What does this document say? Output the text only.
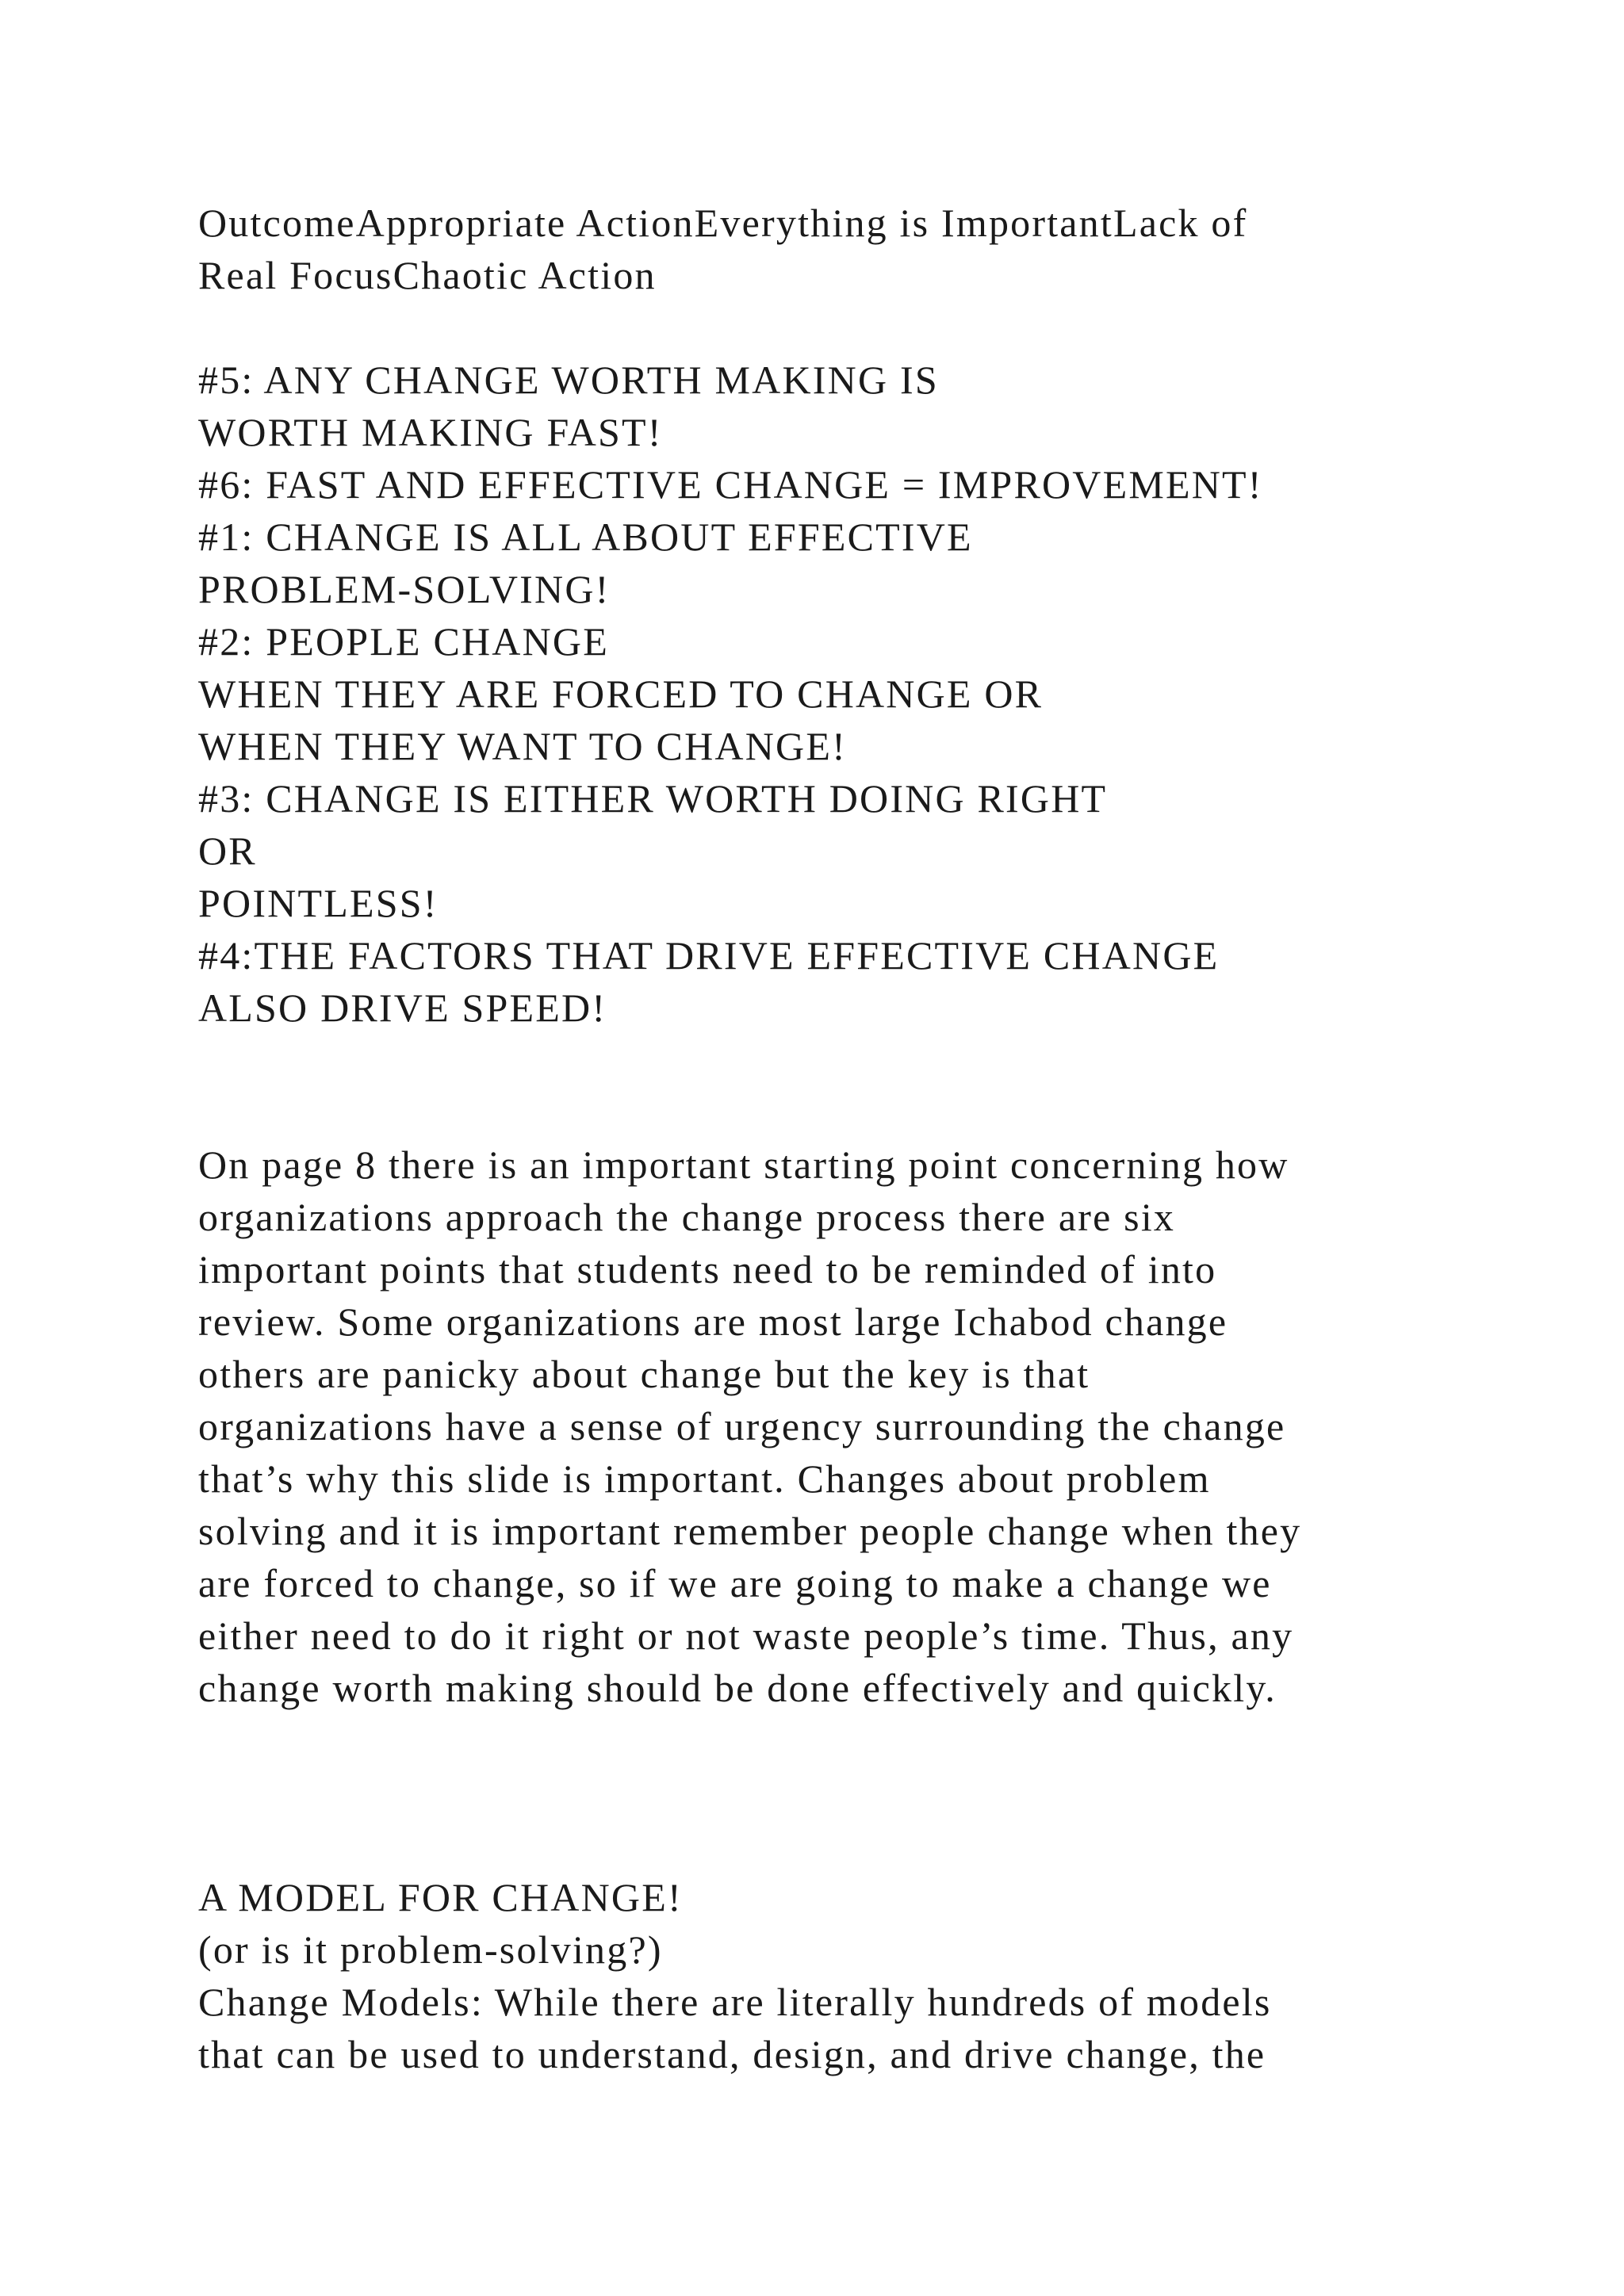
OutcomeAppropriate ActionEverything is ImportantLack of
Real FocusChaotic Action
#5: ANY CHANGE WORTH MAKING IS
WORTH MAKING FAST!
#6: FAST AND EFFECTIVE CHANGE = IMPROVEMENT!
#1: CHANGE IS ALL ABOUT EFFECTIVE
PROBLEM-SOLVING!
#2: PEOPLE CHANGE
WHEN THEY ARE FORCED TO CHANGE OR
WHEN THEY WANT TO CHANGE!
#3: CHANGE IS EITHER WORTH DOING RIGHT
OR
POINTLESS!
#4:THE FACTORS THAT DRIVE EFFECTIVE CHANGE
ALSO DRIVE SPEED!
On page 8 there is an important starting point concerning how
organizations approach the change process there are six
important points that students need to be reminded of into
review. Some organizations are most large Ichabod change
others are panicky about change but the key is that
organizations have a sense of urgency surrounding the change
that’s why this slide is important. Changes about problem
solving and it is important remember people change when they
are forced to change, so if we are going to make a change we
either need to do it right or not waste people’s time. Thus, any
change worth making should be done effectively and quickly.
A MODEL FOR CHANGE!
(or is it problem-solving?)
Change Models: While there are literally hundreds of models
that can be used to understand, design, and drive change, the
